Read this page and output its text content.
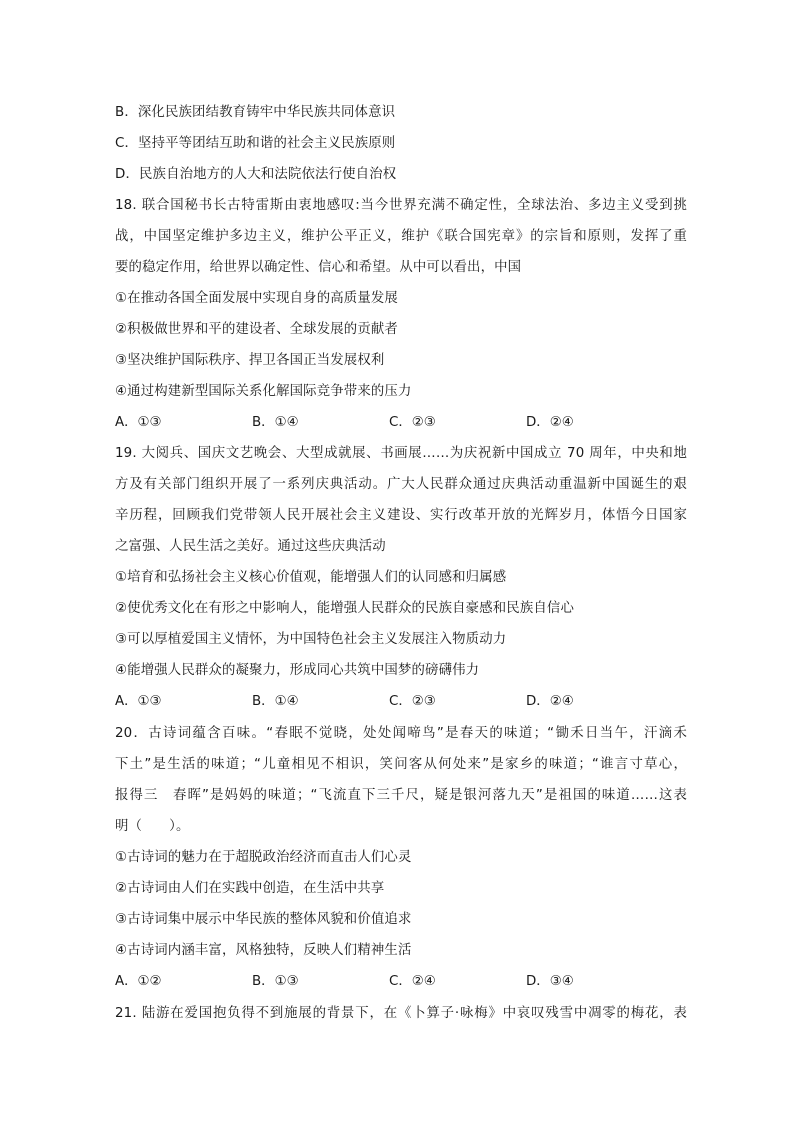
B．深化民族团结教育铸牢中华民族共同体意识
C．坚持平等团结互助和谐的社会主义民族原则
D．民族自治地方的人大和法院依法行使自治权
18. 联合国秘书长古特雷斯由衷地感叹:当今世界充满不确定性，全球法治、多边主义受到挑
战，中国坚定维护多边主义，维护公平正义，维护《联合国宪章》的宗旨和原则，发挥了重
要的稳定作用，给世界以确定性、信心和希望。从中可以看出，中国
①在推动各国全面发展中实现自身的高质量发展
②积极做世界和平的建设者、全球发展的贡献者
③坚决维护国际秩序、捍卫各国正当发展权利
④通过构建新型国际关系化解国际竞争带来的压力
A．①③	B．①④	C．②③	D．②④
19. 大阅兵、国庆文艺晚会、大型成就展、书画展……为庆祝新中国成立 70 周年，中央和地
方及有关部门组织开展了一系列庆典活动。广大人民群众通过庆典活动重温新中国诞生的艰
辛历程，回顾我们党带领人民开展社会主义建设、实行改革开放的光辉岁月，体悟今日国家
之富强、人民生活之美好。通过这些庆典活动
①培育和弘扬社会主义核心价值观，能增强人们的认同感和归属感
②使优秀文化在有形之中影响人，能增强人民群众的民族自豪感和民族自信心
③可以厚植爱国主义情怀，为中国特色社会主义发展注入物质动力
④能增强人民群众的凝聚力，形成同心共筑中国梦的磅礴伟力
A．①③	B．①④	C．②③	D．②④
20．古诗词蕴含百味。“春眠不觉晓，处处闻啼鸟”是春天的味道；“锄禾日当午，汗滴禾
下土”是生活的味道；“儿童相见不相识，笑问客从何处来”是家乡的味道；“谁言寸草心，
报得三　春晖”是妈妈的味道；“飞流直下三千尺，疑是银河落九天”是祖国的味道……这表
明（　　）。
①古诗词的魅力在于超脱政治经济而直击人们心灵
②古诗词由人们在实践中创造，在生活中共享
③古诗词集中展示中华民族的整体风貌和价值追求
④古诗词内涵丰富，风格独特，反映人们精神生活
A．①②	B．①③	C．②④	D．③④
21. 陆游在爱国抱负得不到施展的背景下，在《卜算子·咏梅》中哀叹残雪中凋零的梅花，表
